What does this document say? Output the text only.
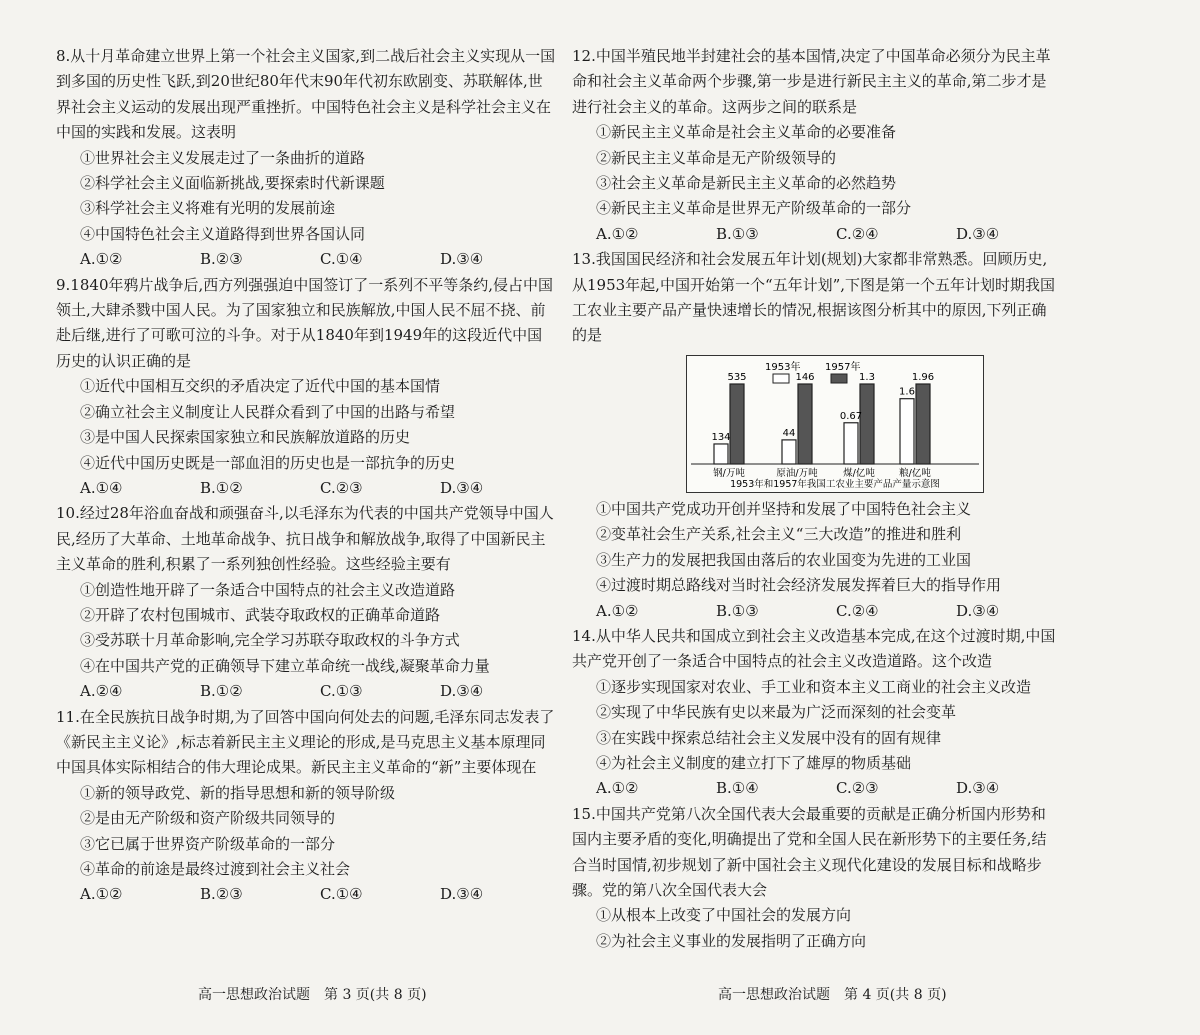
8.从十月革命建立世界上第一个社会主义国家,到二战后社会主义实现从一国到多国的历史性飞跃,到20世纪80年代末90年代初东欧剧变、苏联解体,世界社会主义运动的发展出现严重挫折。中国特色社会主义是科学社会主义在中国的实践和发展。这表明

①世界社会主义发展走过了一条曲折的道路

②科学社会主义面临新挑战,要探索时代新课题

③科学社会主义将难有光明的发展前途

④中国特色社会主义道路得到世界各国认同

A.①②	B.②③	C.①④	D.③④

9.1840年鸦片战争后,西方列强强迫中国签订了一系列不平等条约,侵占中国领土,大肆杀戮中国人民。为了国家独立和民族解放,中国人民不屈不挠、前赴后继,进行了可歌可泣的斗争。对于从1840年到1949年的这段近代中国历史的认识正确的是

①近代中国相互交织的矛盾决定了近代中国的基本国情

②确立社会主义制度让人民群众看到了中国的出路与希望

③是中国人民探索国家独立和民族解放道路的历史

④近代中国历史既是一部血泪的历史也是一部抗争的历史

A.①④	B.①②	C.②③	D.③④

10.经过28年浴血奋战和顽强奋斗,以毛泽东为代表的中国共产党领导中国人民,经历了大革命、土地革命战争、抗日战争和解放战争,取得了中国新民主主义革命的胜利,积累了一系列独创性经验。这些经验主要有

①创造性地开辟了一条适合中国特点的社会主义改造道路

②开辟了农村包围城市、武装夺取政权的正确革命道路

③受苏联十月革命影响,完全学习苏联夺取政权的斗争方式

④在中国共产党的正确领导下建立革命统一战线,凝聚革命力量

A.②④	B.①②	C.①③	D.③④

11.在全民族抗日战争时期,为了回答中国向何处去的问题,毛泽东同志发表了《新民主主义论》,标志着新民主主义理论的形成,是马克思主义基本原理同中国具体实际相结合的伟大理论成果。新民主主义革命的“新”主要体现在

①新的领导政党、新的指导思想和新的领导阶级

②是由无产阶级和资产阶级共同领导的

③它已属于世界资产阶级革命的一部分

④革命的前途是最终过渡到社会主义社会

A.①②	B.②③	C.①④	D.③④

12.中国半殖民地半封建社会的基本国情,决定了中国革命必须分为民主革命和社会主义革命两个步骤,第一步是进行新民主主义的革命,第二步才是进行社会主义的革命。这两步之间的联系是

①新民主主义革命是社会主义革命的必要准备

②新民主主义革命是无产阶级领导的

③社会主义革命是新民主主义革命的必然趋势

④新民主主义革命是世界无产阶级革命的一部分

A.①②	B.①③	C.②④	D.③④

13.我国国民经济和社会发展五年计划(规划)大家都非常熟悉。回顾历史,从1953年起,中国开始第一个“五年计划”,下图是第一个五年计划时期我国工农业主要产品产量快速增长的情况,根据该图分析其中的原因,下列正确的是

134
535
钢/万吨
44
146
原油/万吨
0.67
1.3
煤/亿吨
1.6
1.96
粮/亿吨
1953年和1957年我国工农业主要产品产量示意图
1953年 1957年

①中国共产党成功开创并坚持和发展了中国特色社会主义

②变革社会生产关系,社会主义“三大改造”的推进和胜利

③生产力的发展把我国由落后的农业国变为先进的工业国

④过渡时期总路线对当时社会经济发展发挥着巨大的指导作用

A.①②	B.①③	C.②④	D.③④

14.从中华人民共和国成立到社会主义改造基本完成,在这个过渡时期,中国共产党开创了一条适合中国特点的社会主义改造道路。这个改造

①逐步实现国家对农业、手工业和资本主义工商业的社会主义改造

②实现了中华民族有史以来最为广泛而深刻的社会变革

③在实践中探索总结社会主义发展中没有的固有规律

④为社会主义制度的建立打下了雄厚的物质基础

A.①②	B.①④	C.②③	D.③④

15.中国共产党第八次全国代表大会最重要的贡献是正确分析国内形势和国内主要矛盾的变化,明确提出了党和全国人民在新形势下的主要任务,结合当时国情,初步规划了新中国社会主义现代化建设的发展目标和战略步骤。党的第八次全国代表大会

①从根本上改变了中国社会的发展方向

②为社会主义事业的发展指明了正确方向

高一思想政治试题　第 3 页(共 8 页)	高一思想政治试题　第 4 页(共 8 页)
